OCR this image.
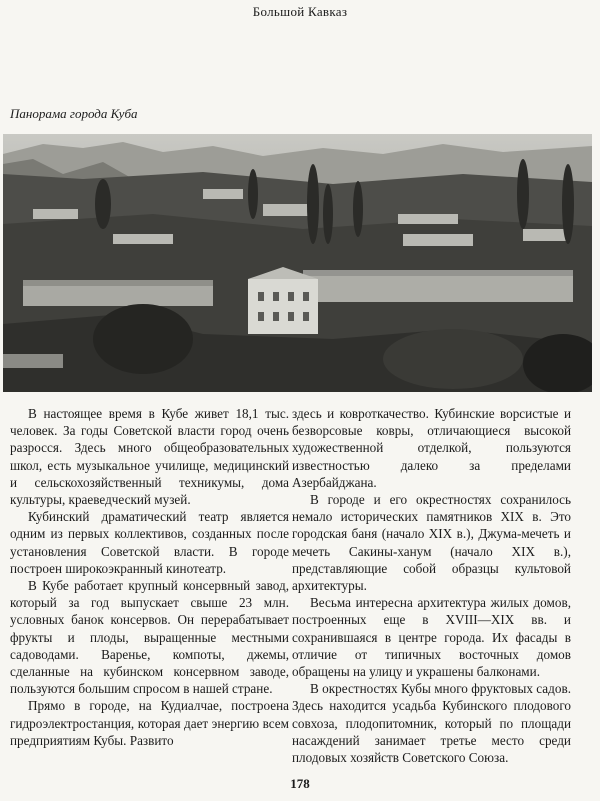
Большой Кавказ
Панорама города Куба

В настоящее время в Кубе живет 18,1 тыс. человек. За годы Советской власти город очень разросся. Здесь много общеобразовательных школ, есть музыкальное училище, медицинский и сельскохозяйственный техникумы, дома культуры, краеведческий музей.

Кубинский драматический театр является одним из первых коллективов, созданных после установления Советской власти. В городе построен широкоэкранный кинотеатр.

В Кубе работает крупный консервный завод, который за год выпускает свыше 23 млн. условных банок консервов. Он перерабатывает фрукты и плоды, выращенные местными садоводами. Варенье, компоты, джемы, сделанные на кубинском консервном заводе, пользуются большим спросом в нашей стране.

Прямо в городе, на Кудиалчае, построена гидроэлектростанция, которая дает энергию всем предприятиям Кубы. Развито

здесь и ковроткачество. Кубинские ворсистые и безворсовые ковры, отличающиеся высокой художественной отделкой, пользуются известностью далеко за пределами Азербайджана.

В городе и его окрестностях сохранилось немало исторических памятников XIX в. Это городская баня (начало XIX в.), Джума-мечеть и мечеть Сакины-ханум (начало XIX в.), представляющие собой образцы культовой архитектуры.

Весьма интересна архитектура жилых домов, построенных еще в XVIII—XIX вв. и сохранившаяся в центре города. Их фасады в отличие от типичных восточных домов обращены на улицу и украшены балконами.

В окрестностях Кубы много фруктовых садов. Здесь находится усадьба Кубинского плодового совхоза, плодопитомник, который по площади насаждений занимает третье место среди плодовых хозяйств Советского Союза.

178
